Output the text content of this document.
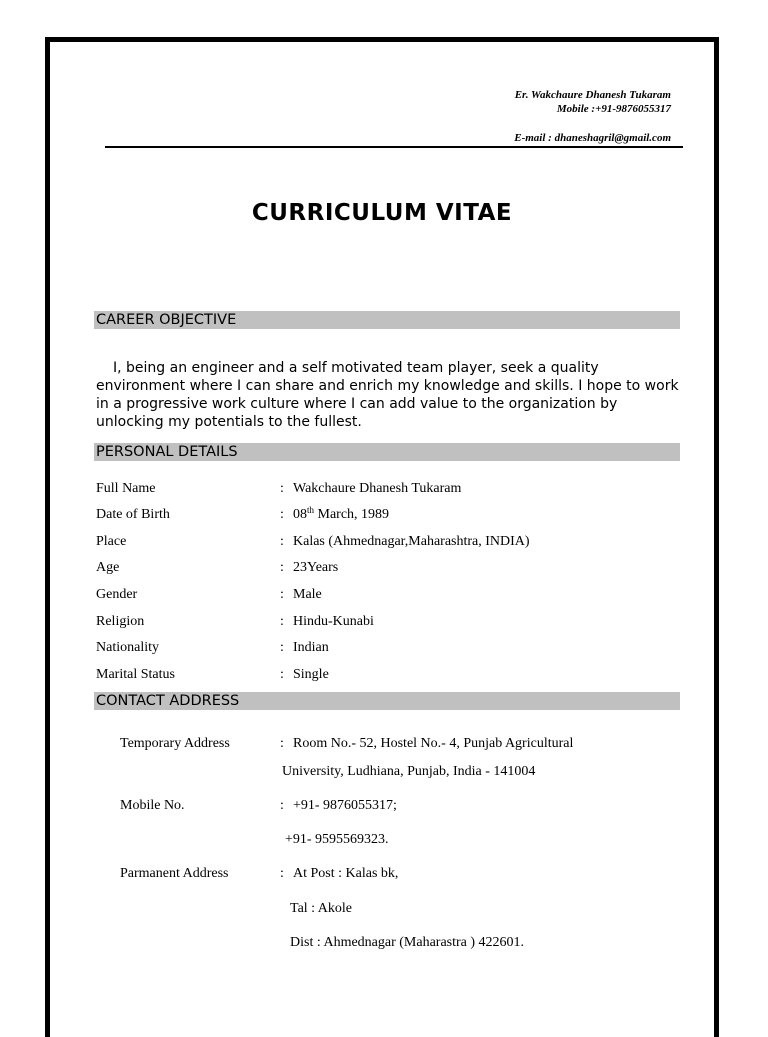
Er. Wakchaure Dhanesh Tukaram
Mobile :+91-9876055317
E-mail : dhaneshagril@gmail.com
CURRICULUM VITAE
CAREER OBJECTIVE
I, being an engineer and a self motivated team player, seek a quality environment where I can share and enrich my knowledge and skills. I hope to work in a progressive work culture where I can add value to the organization by unlocking my potentials to the fullest.
PERSONAL DETAILS
Full Name	: Wakchaure Dhanesh Tukaram
Date of Birth	: 08th March, 1989
Place	: Kalas (Ahmednagar,Maharashtra, INDIA)
Age	: 23Years
Gender	: Male
Religion	: Hindu-Kunabi
Nationality	: Indian
Marital Status	: Single
CONTACT ADDRESS
Temporary Address	: Room No.- 52, Hostel No.- 4, Punjab Agricultural
University, Ludhiana, Punjab, India - 141004
Mobile No.	: +91- 9876055317;
+91- 9595569323.
Parmanent Address	: At Post : Kalas bk,
Tal : Akole
Dist : Ahmednagar (Maharastra ) 422601.
